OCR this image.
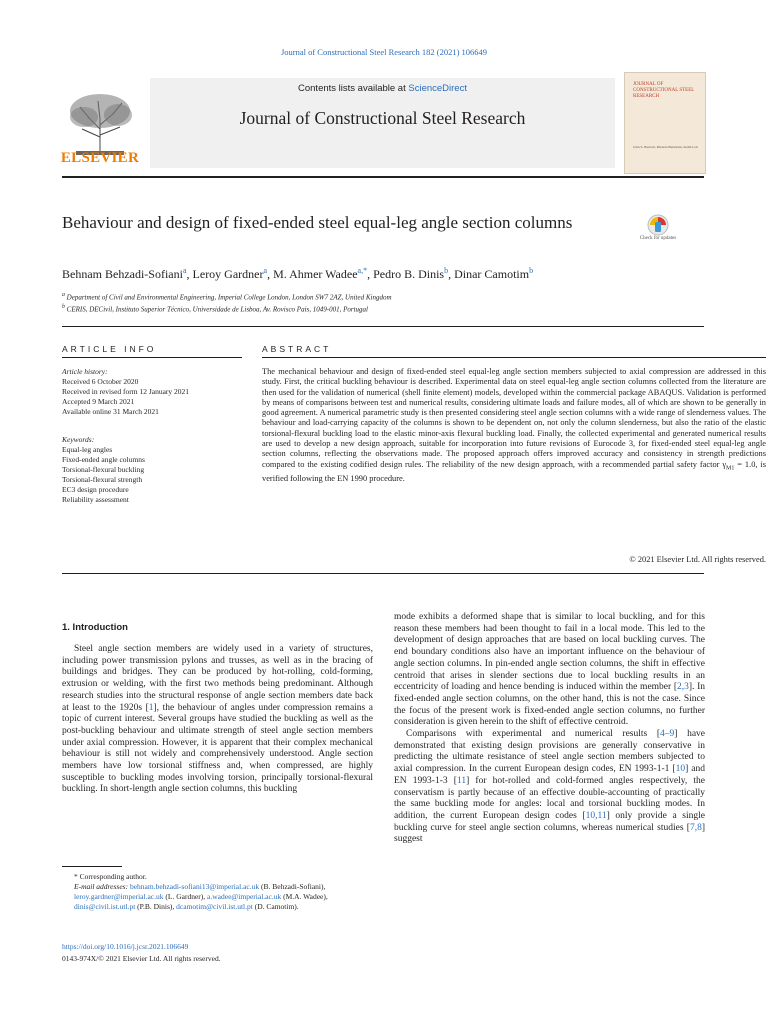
Journal of Constructional Steel Research 182 (2021) 106649
ELSEVIER
Contents lists available at ScienceDirect
Journal of Constructional Steel Research
JOURNAL OF CONSTRUCTIONAL STEEL RESEARCH
John S. Bartsch, Rhonda Bernstein, Keith Loh
Behaviour and design of fixed-ended steel equal-leg angle section columns
Check for updates
Behnam Behzadi-Sofiani$^a$, Leroy Gardner$^a$, M. Ahmer Wadee$^{a,*}$, Pedro B. Dinis$^b$, Dinar Camotim$^b$
$^a$ Department of Civil and Environmental Engineering, Imperial College London, London SW7 2AZ, United Kingdom
$^b$ CERIS, DECivil, Instituto Superior Técnico, Universidade de Lisboa, Av. Rovisco Pais, 1049-001, Portugal
ARTICLE INFO	ABSTRACT
Article history:
Received 6 October 2020
Received in revised form 12 January 2021
Accepted 9 March 2021
Available online 31 March 2021
Keywords:
Equal-leg angles
Fixed-ended angle columns
Torsional-flexural buckling
Torsional-flexural strength
EC3 design procedure
Reliability assessment
The mechanical behaviour and design of fixed-ended steel equal-leg angle section members subjected to axial compression are addressed in this study. First, the critical buckling behaviour is described. Experimental data on steel equal-leg angle section columns collected from the literature are then used for the validation of numerical (shell finite element) models, developed within the commercial package ABAQUS. Validation is performed by means of comparisons between test and numerical results, considering ultimate loads and failure modes, all of which are shown to be generally in good agreement. A numerical parametric study is then presented considering steel angle section columns with a wide range of slenderness values. The behaviour and load-carrying capacity of the columns is shown to be dependent on, not only the column slenderness, but also the ratio of the elastic torsional-flexural buckling load to the elastic minor-axis flexural buckling load. Finally, the collected experimental and generated numerical results are used to develop a new design approach, suitable for incorporation into future revisions of Eurocode 3, for fixed-ended steel equal-leg angle section columns, reflecting the observations made. The proposed approach offers improved accuracy and consistency in strength predictions compared to the existing codified design rules. The reliability of the new design approach, with a recommended partial safety factor $\gamma_{M1} = 1.0$, is verified following the EN 1990 procedure.
© 2021 Elsevier Ltd. All rights reserved.
1. Introduction
Steel angle section members are widely used in a variety of structures, including power transmission pylons and trusses, as well as in the bracing of buildings and bridges. They can be produced by hot-rolling, cold-forming, extrusion or welding, with the first two methods being predominant. Although research studies into the structural response of angle section members date back at least to the 1920s [1], the behaviour of angles under compression remains a topic of current interest. Several groups have studied the buckling as well as the post-buckling behaviour and ultimate strength of steel angle section members under axial compression. However, it is apparent that their complex mechanical behaviour is still not widely and comprehensively understood. Angle section members have low torsional stiffness and, when compressed, are highly susceptible to buckling modes involving torsion, principally torsional-flexural buckling. In short-length angle section columns, this buckling

mode exhibits a deformed shape that is similar to local buckling, and for this reason these members had been thought to fail in a local mode. This led to the development of design approaches that are based on local buckling curves. The end boundary conditions also have an important influence on the behaviour of angle section columns. In pin-ended angle section columns, the shift in effective centroid that arises in slender sections due to local buckling results in an eccentricity of loading and hence bending is induced within the member [2,3]. In fixed-ended angle section columns, on the other hand, this is not the case. Since the focus of the present work is fixed-ended angle section columns, no further consideration is given herein to the shift of effective centroid.

Comparisons with experimental and numerical results [4–9] have demonstrated that existing design provisions are generally conservative in predicting the ultimate resistance of steel angle section members subjected to axial compression. In the current European design codes, EN 1993-1-1 [10] and EN 1993-1-3 [11] for hot-rolled and cold-formed angles respectively, the conservatism is partly because of an effective double-accounting of practically the same buckling mode for angles: local and torsional buckling modes. In addition, the current European design codes [10,11] only provide a single buckling curve for steel angle section columns, whereas numerical studies [7,8] suggest

* Corresponding author.
E-mail addresses: behnam.behzadi-sofiani13@imperial.ac.uk (B. Behzadi-Sofiani), leroy.gardner@imperial.ac.uk (L. Gardner), a.wadee@imperial.ac.uk (M.A. Wadee), dinis@civil.ist.utl.pt (P.B. Dinis), dcamotim@civil.ist.utl.pt (D. Camotim).
https://doi.org/10.1016/j.jcsr.2021.106649
0143-974X/© 2021 Elsevier Ltd. All rights reserved.
